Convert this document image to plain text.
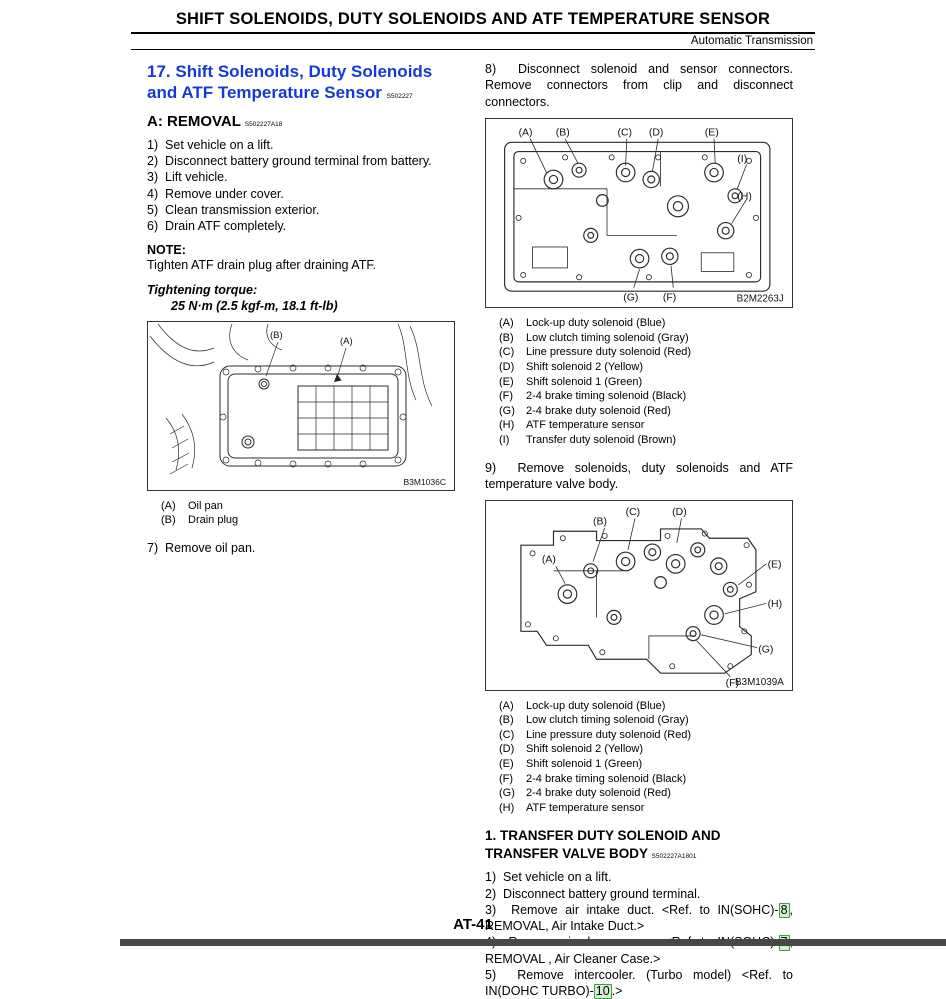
SHIFT SOLENOIDS, DUTY SOLENOIDS AND ATF TEMPERATURE SENSOR
Automatic Transmission
17. Shift Solenoids, Duty Solenoids and ATF Temperature Sensor S502227
A: REMOVAL S502227A18

1)  Set vehicle on a lift.

2)  Disconnect battery ground terminal from battery.

3)  Lift vehicle.

4)  Remove under cover.

5)  Clean transmission exterior.

6)  Drain ATF completely.

NOTE:

Tighten ATF drain plug after draining ATF.

Tightening torque:
25 N·m (2.5 kgf-m, 18.1 ft-lb)
(B)
(A)
B3M1036C
(A)	Oil pan
(B)	Drain plug

7)  Remove oil pan.

8)  Disconnect solenoid and sensor connectors. Remove connectors from clip and disconnect connectors.

(A)	(B)	(C) (D)	(E)
(I)
(H)
(G)	(F)	B2M2263J
(A)	Lock-up duty solenoid (Blue)
(B)	Low clutch timing solenoid (Gray)
(C)	Line pressure duty solenoid (Red)
(D)	Shift solenoid 2 (Yellow)
(E)	Shift solenoid 1 (Green)
(F)	2-4 brake timing solenoid (Black)
(G)	2-4 brake duty solenoid (Red)
(H)	ATF temperature sensor
(I)	Transfer duty solenoid (Brown)

9)  Remove solenoids, duty solenoids and ATF temperature valve body.

(C)	(D)
(B)
(A)	(E)
(H)
(G)
(F)
B3M1039A
(A)	Lock-up duty solenoid (Blue)
(B)	Low clutch timing solenoid (Gray)
(C)	Line pressure duty solenoid (Red)
(D)	Shift solenoid 2 (Yellow)
(E)	Shift solenoid 1 (Green)
(F)	2-4 brake timing solenoid (Black)
(G)	2-4 brake duty solenoid (Red)
(H)	ATF temperature sensor
1. TRANSFER DUTY SOLENOID AND TRANSFER VALVE BODY S502227A1801

1)  Set vehicle on a lift.

2)  Disconnect battery ground terminal.

3)  Remove air intake duct. <Ref. to IN(SOHC)- 8 , REMOVAL, Air Intake Duct.>

REMOVAL , Air Cleaner Case.>

5)  Remove intercooler. (Turbo model) <Ref. to IN(DOHC TURBO)- 10 .>

AT-41
